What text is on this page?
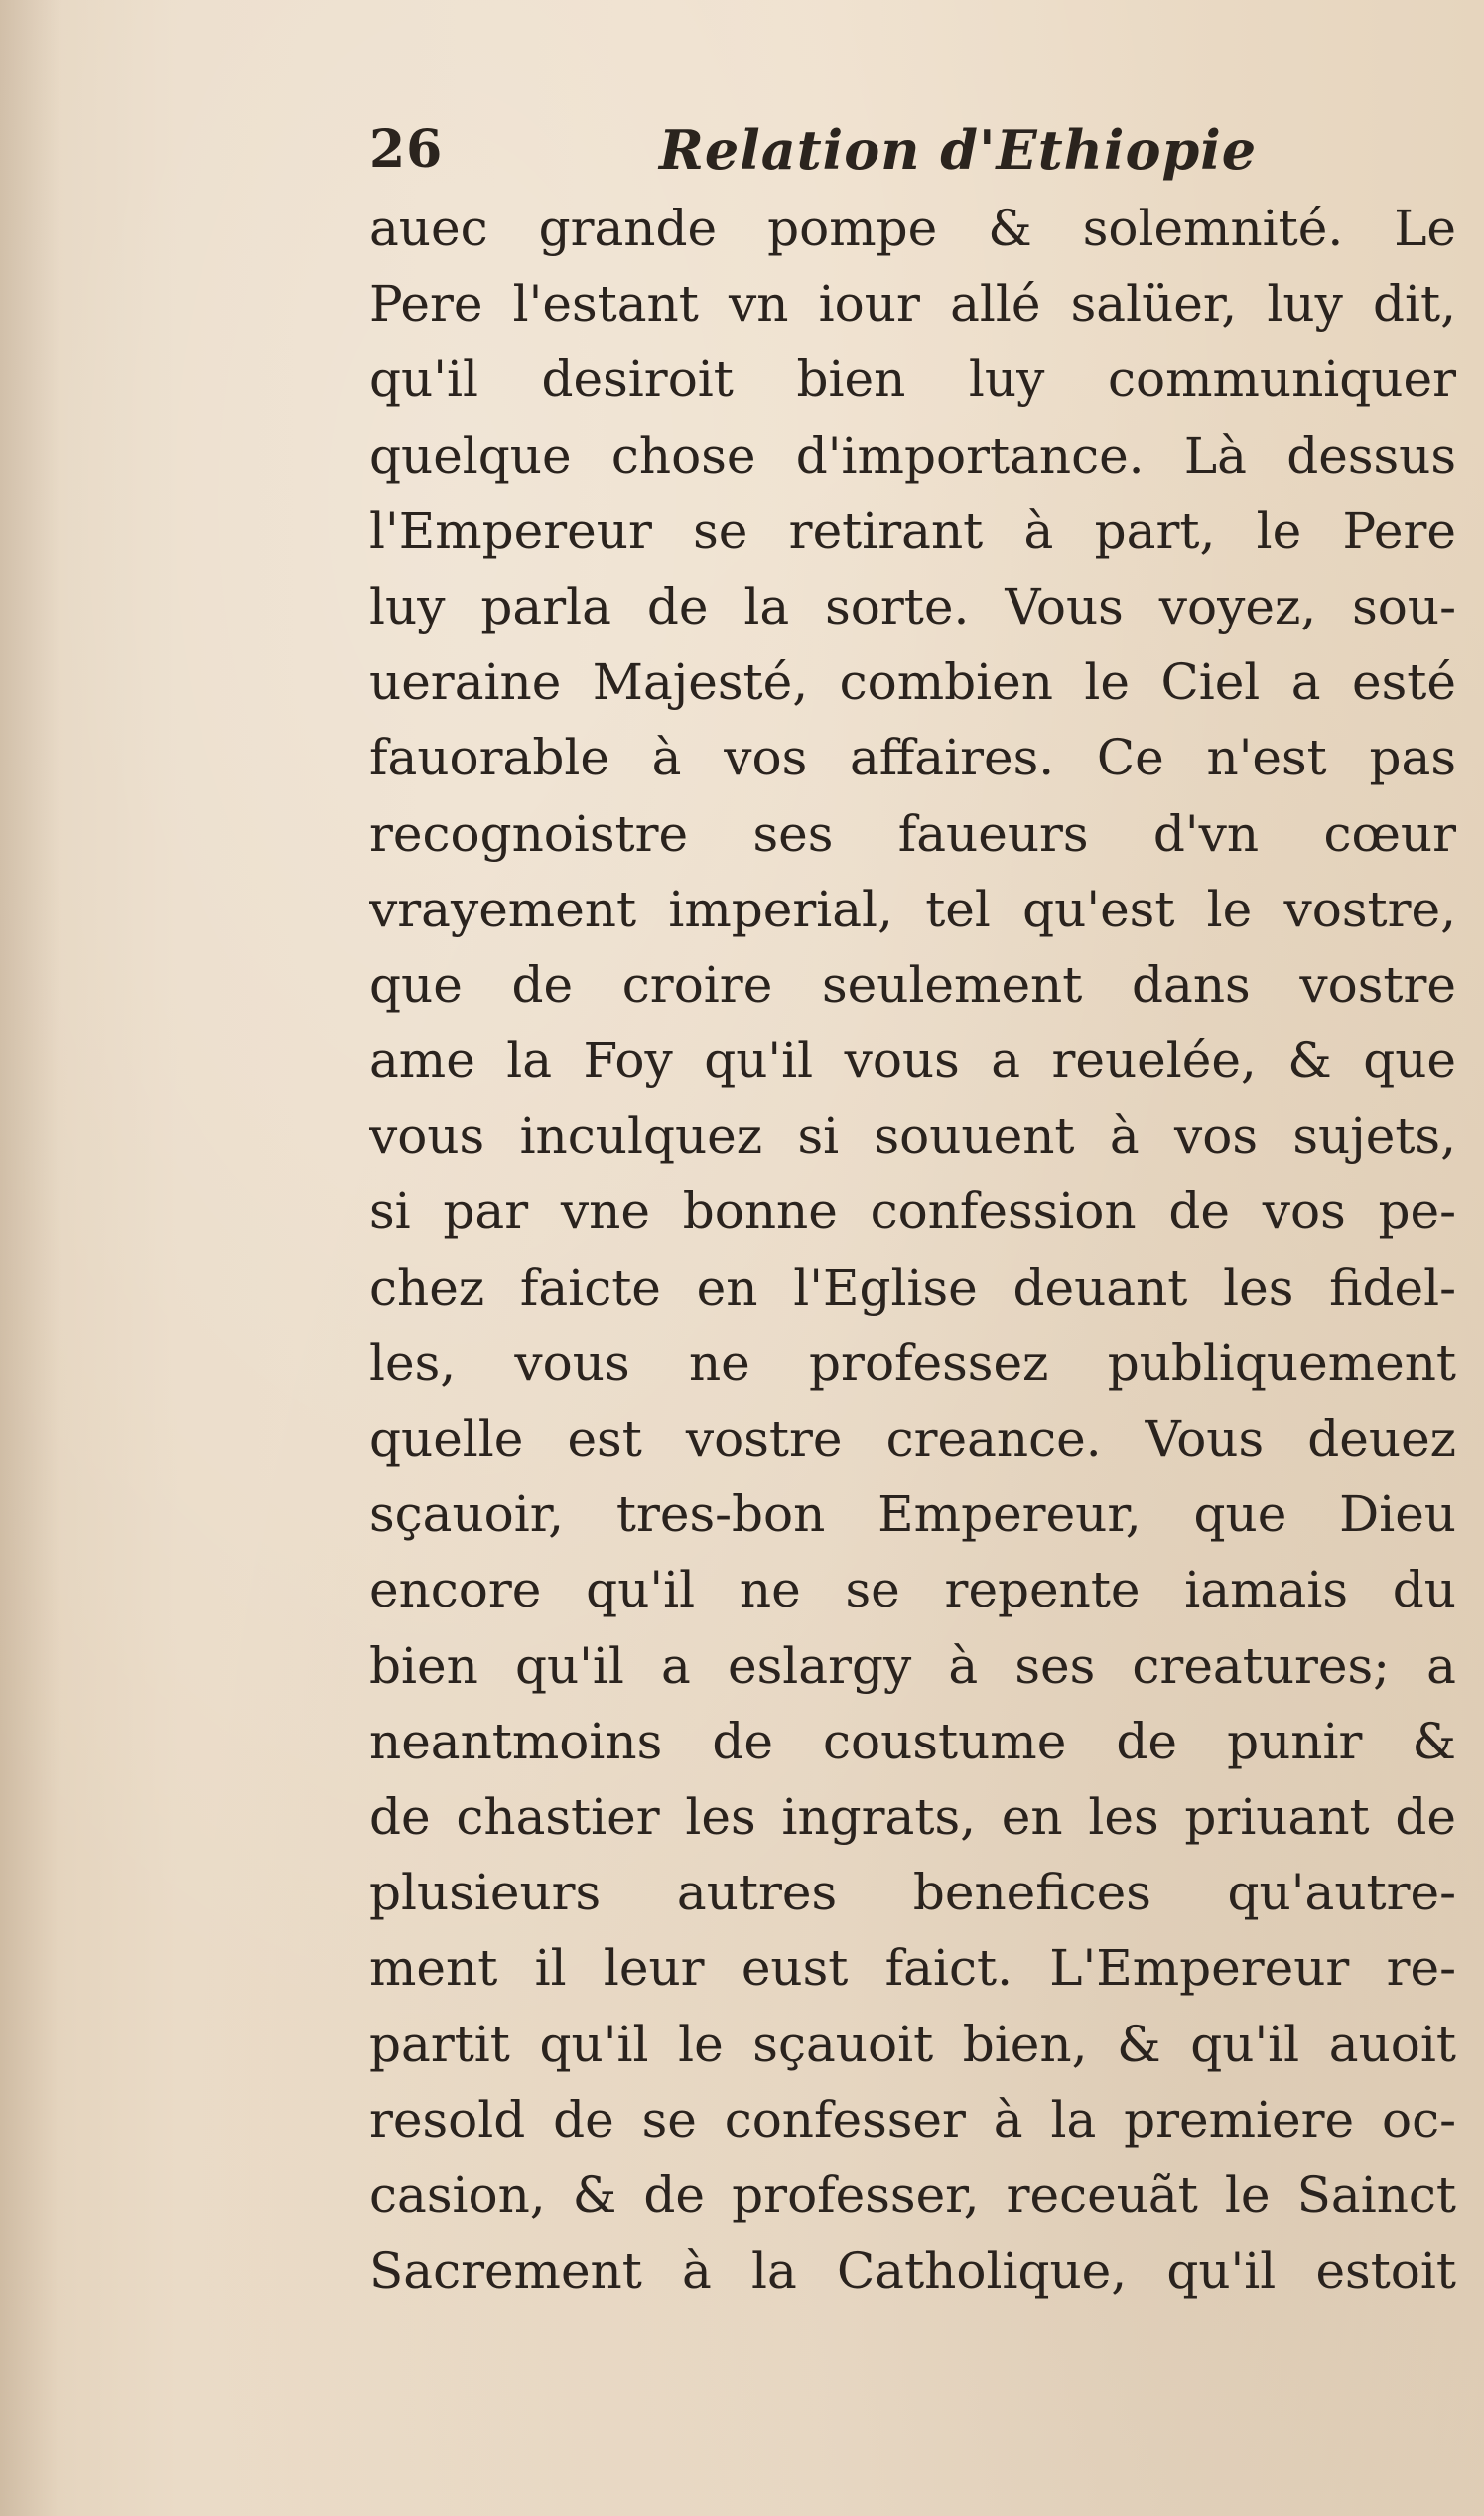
26	Relation d'Ethiopie
auec grande pompe & solemnité. Le
Pere l'estant vn iour allé salüer, luy dit,
qu'il desiroit bien luy communiquer
quelque chose d'importance. Là dessus
l'Empereur se retirant à part, le Pere
luy parla de la sorte. Vous voyez, sou-
ueraine Majesté, combien le Ciel a esté
fauorable à vos affaires. Ce n'est pas
recognoistre ses faueurs d'vn cœur
vrayement imperial, tel qu'est le vostre,
que de croire seulement dans vostre
ame la Foy qu'il vous a reuelée, & que
vous inculquez si souuent à vos sujets,
si par vne bonne confession de vos pe-
chez faicte en l'Eglise deuant les fidel-
les, vous ne professez publiquement
quelle est vostre creance. Vous deuez
sçauoir, tres-bon Empereur, que Dieu
encore qu'il ne se repente iamais du
bien qu'il a eslargy à ses creatures; a
neantmoins de coustume de punir &
de chastier les ingrats, en les priuant de
plusieurs autres benefices qu'autre-
ment il leur eust faict. L'Empereur re-
partit qu'il le sçauoit bien, & qu'il auoit
resold de se confesser à la premiere oc-
casion, & de professer, receuãt le Sainct
Sacrement à la Catholique, qu'il estoit
